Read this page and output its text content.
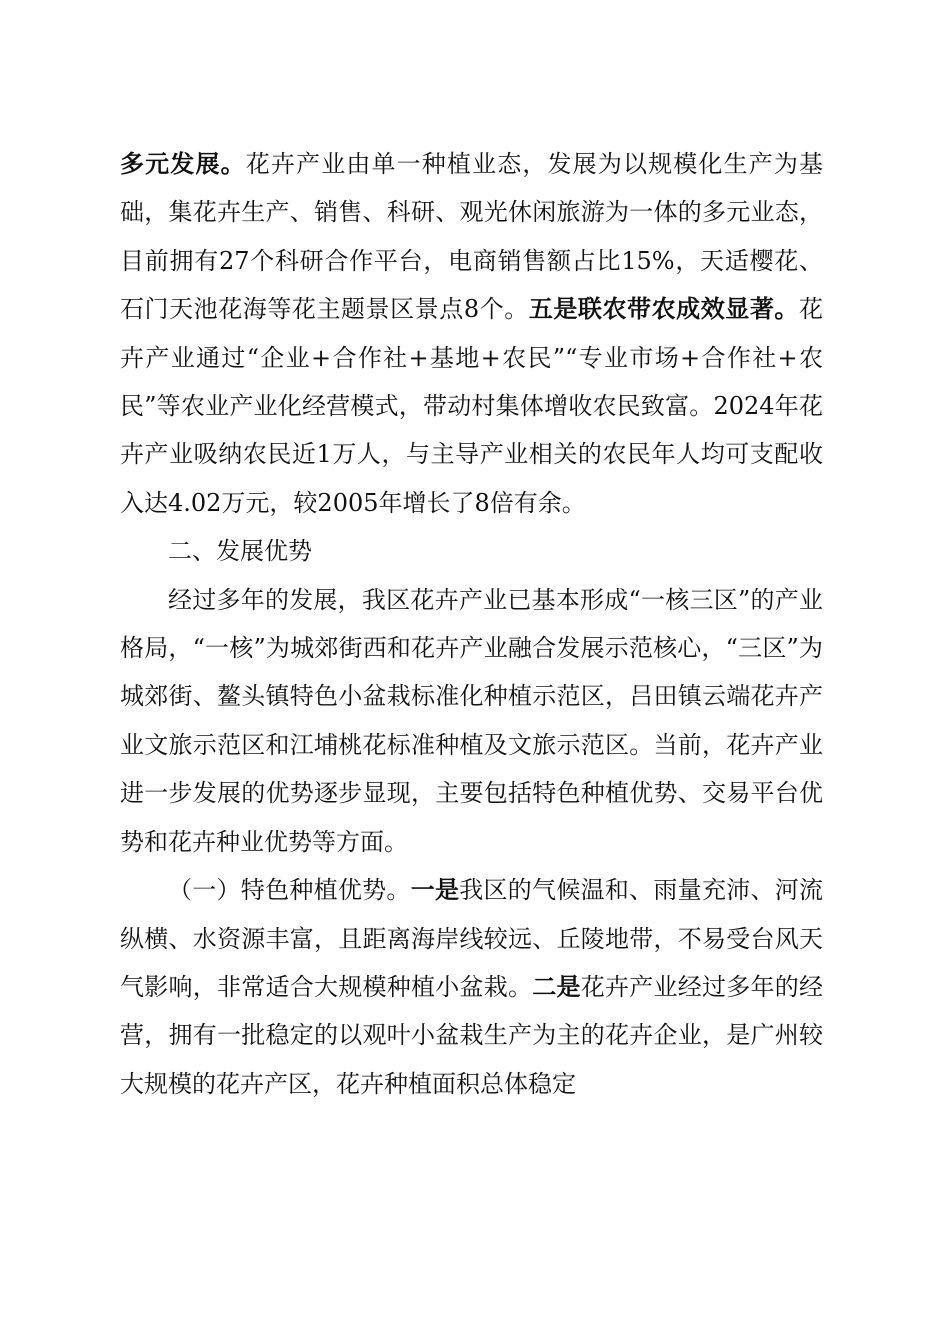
多元发展。花卉产业由单一种植业态，发展为以规模化生产为基础，集花卉生产、销售、科研、观光休闲旅游为一体的多元业态，目前拥有27个科研合作平台，电商销售额占比15%，天适樱花、石门天池花海等花主题景区景点8个。五是联农带农成效显著。花卉产业通过“企业+合作社+基地+农民”“专业市场+合作社+农民”等农业产业化经营模式，带动村集体增收农民致富。2024年花卉产业吸纳农民近1万人，与主导产业相关的农民年人均可支配收入达4.02万元，较2005年增长了8倍有余。

二、发展优势

经过多年的发展，我区花卉产业已基本形成“一核三区”的产业格局，“一核”为城郊街西和花卉产业融合发展示范核心，“三区”为城郊街、鳌头镇特色小盆栽标准化种植示范区，吕田镇云端花卉产业文旅示范区和江埔桃花标准种植及文旅示范区。当前，花卉产业进一步发展的优势逐步显现，主要包括特色种植优势、交易平台优势和花卉种业优势等方面。

（一）特色种植优势。一是我区的气候温和、雨量充沛、河流纵横、水资源丰富，且距离海岸线较远、丘陵地带，不易受台风天气影响，非常适合大规模种植小盆栽。二是花卉产业经过多年的经营，拥有一批稳定的以观叶小盆栽生产为主的花卉企业，是广州较大规模的花卉产区，花卉种植面积总体稳定
